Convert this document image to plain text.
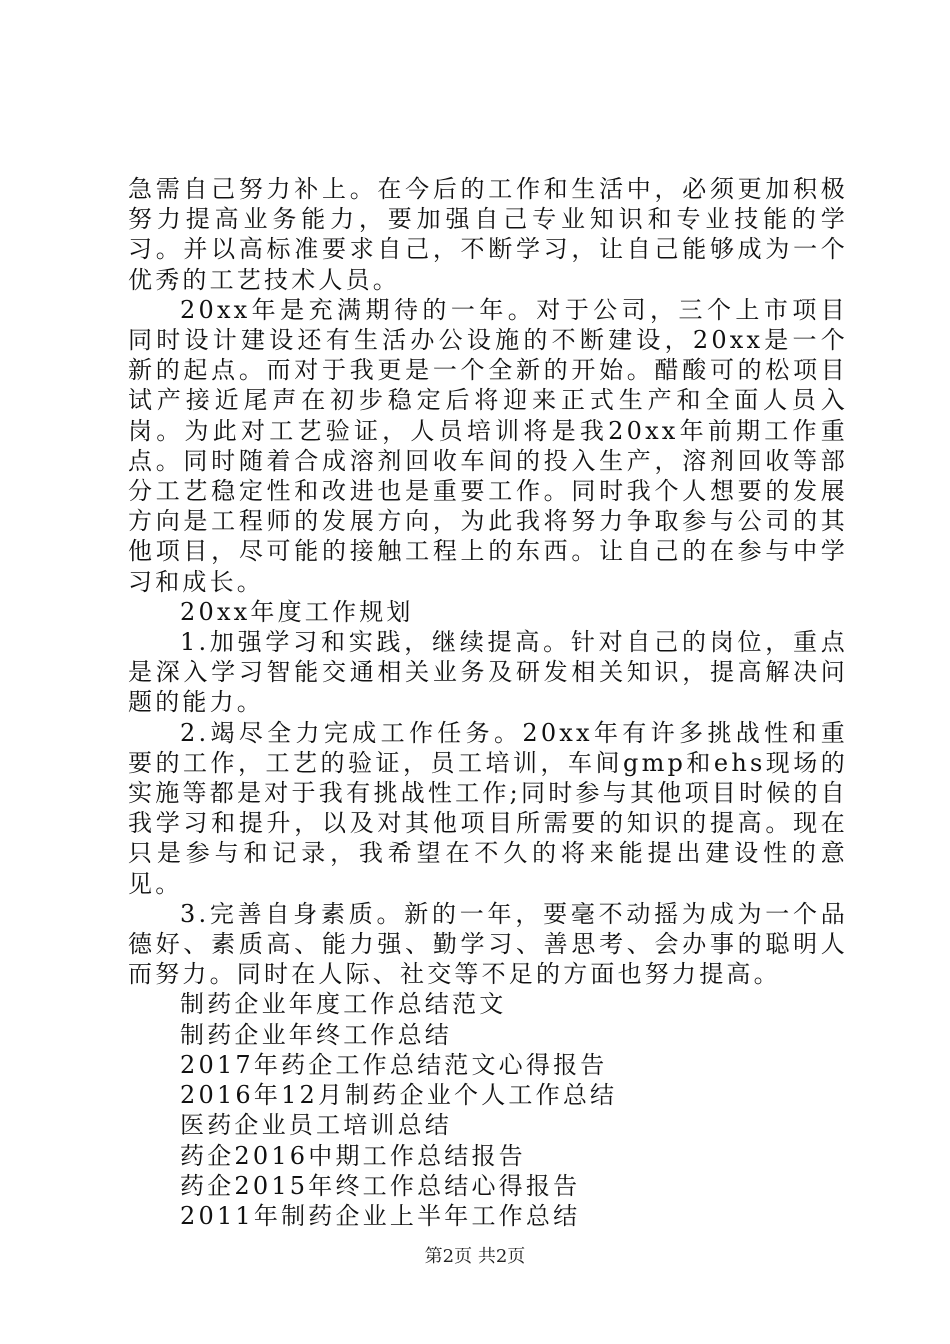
急需自己努力补上。在今后的工作和生活中，必须更加积极努力提高业务能力，要加强自己专业知识和专业技能的学习。并以高标准要求自己，不断学习，让自己能够成为一个优秀的工艺技术人员。

20xx年是充满期待的一年。对于公司，三个上市项目同时设计建设还有生活办公设施的不断建设，20xx是一个新的起点。而对于我更是一个全新的开始。醋酸可的松项目试产接近尾声在初步稳定后将迎来正式生产和全面人员入岗。为此对工艺验证，人员培训将是我20xx年前期工作重点。同时随着合成溶剂回收车间的投入生产，溶剂回收等部分工艺稳定性和改进也是重要工作。同时我个人想要的发展方向是工程师的发展方向，为此我将努力争取参与公司的其他项目，尽可能的接触工程上的东西。让自己的在参与中学习和成长。

20xx年度工作规划

1.加强学习和实践，继续提高。针对自己的岗位，重点是深入学习智能交通相关业务及研发相关知识，提高解决问题的能力。

2.竭尽全力完成工作任务。20xx年有许多挑战性和重要的工作，工艺的验证，员工培训，车间gmp和ehs现场的实施等都是对于我有挑战性工作;同时参与其他项目时候的自我学习和提升，以及对其他项目所需要的知识的提高。现在只是参与和记录，我希望在不久的将来能提出建设性的意见。

3.完善自身素质。新的一年，要毫不动摇为成为一个品德好、素质高、能力强、勤学习、善思考、会办事的聪明人而努力。同时在人际、社交等不足的方面也努力提高。

制药企业年度工作总结范文

制药企业年终工作总结

2017年药企工作总结范文心得报告

2016年12月制药企业个人工作总结

医药企业员工培训总结

药企2016中期工作总结报告

药企2015年终工作总结心得报告

2011年制药企业上半年工作总结

第2页 共2页
